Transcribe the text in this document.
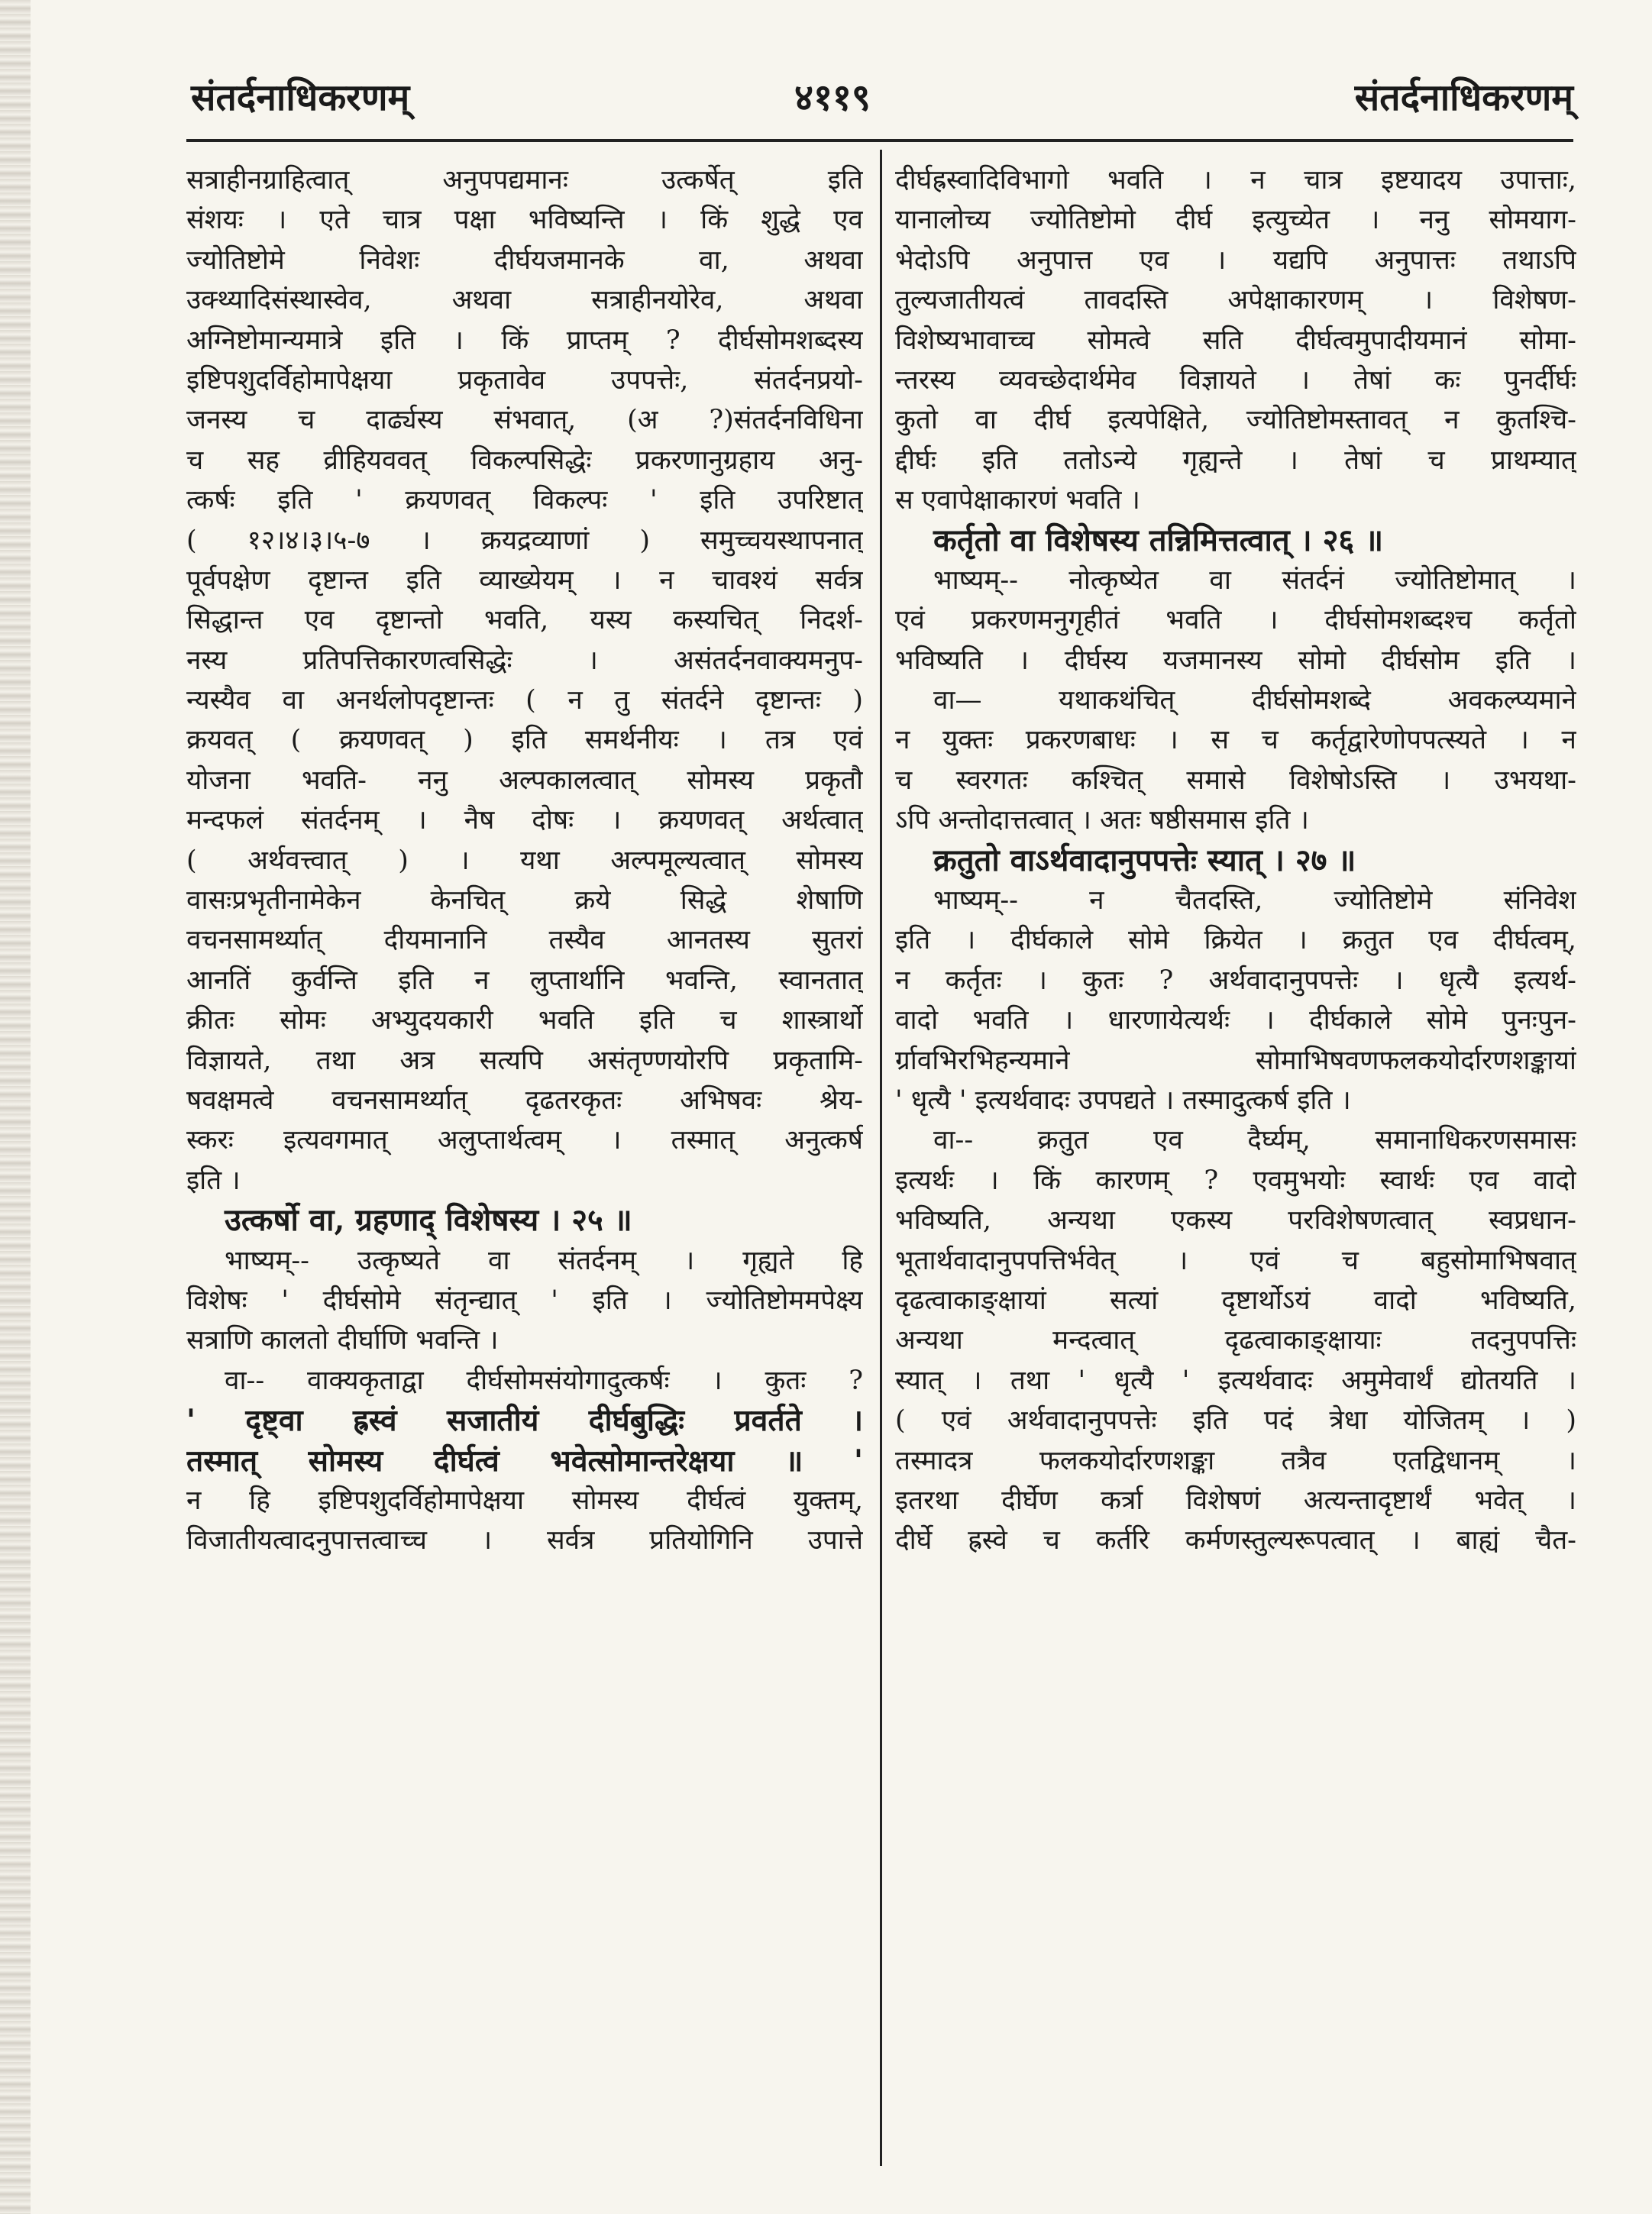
संतर्दनाधिकरणम्	४११९	संतर्दनाधिकरणम्
सत्राहीनग्राहित्वात् अनुपपद्यमानः उत्कर्षेत् इति
संशयः । एते चात्र पक्षा भविष्यन्ति । किं शुद्धे एव
ज्योतिष्टोमे निवेशः दीर्घयजमानके वा, अथवा
उक्थ्यादिसंस्थास्वेव, अथवा सत्राहीनयोरेव, अथवा
अग्निष्टोमान्यमात्रे इति । किं प्राप्तम् ? दीर्घसोमशब्दस्य
इष्टिपशुदर्विहोमापेक्षया प्रकृतावेव उपपत्तेः, संतर्दनप्रयो-
जनस्य च दार्ढ्यस्य संभवात्, (अ ?)संतर्दनविधिना
च सह व्रीहियववत् विकल्पसिद्धेः प्रकरणानुग्रहाय अनु-
त्कर्षः इति ' क्रयणवत् विकल्पः ' इति उपरिष्टात्
( १२।४।३।५-७ । क्रयद्रव्याणां ) समुच्चयस्थापनात्
पूर्वपक्षेण दृष्टान्त इति व्याख्येयम् । न चावश्यं सर्वत्र
सिद्धान्त एव दृष्टान्तो भवति, यस्य कस्यचित् निदर्श-
नस्य प्रतिपत्तिकारणत्वसिद्धेः । असंतर्दनवाक्यमनुप-
न्यस्यैव वा अनर्थलोपदृष्टान्तः ( न तु संतर्दने दृष्टान्तः )
क्रयवत् ( क्रयणवत् ) इति समर्थनीयः । तत्र एवं
योजना भवति- ननु अल्पकालत्वात् सोमस्य प्रकृतौ
मन्दफलं संतर्दनम् । नैष दोषः । क्रयणवत् अर्थत्वात्
( अर्थवत्त्वात् ) । यथा अल्पमूल्यत्वात् सोमस्य
वासःप्रभृतीनामेकेन केनचित् क्रये सिद्धे शेषाणि
वचनसामर्थ्यात् दीयमानानि तस्यैव आनतस्य सुतरां
आनतिं कुर्वन्ति इति न लुप्तार्थानि भवन्ति, स्वानतात्
क्रीतः सोमः अभ्युदयकारी भवति इति च शास्त्रार्थो
विज्ञायते, तथा अत्र सत्यपि असंतृण्णयोरपि प्रकृतामि-
षवक्षमत्वे वचनसामर्थ्यात् दृढतरकृतः अभिषवः श्रेय-
स्करः इत्यवगमात् अलुप्तार्थत्वम् । तस्मात् अनुत्कर्ष
इति ।
उत्कर्षो वा, ग्रहणाद् विशेषस्य । २५ ॥
भाष्यम्-- उत्कृष्यते वा संतर्दनम् । गृह्यते हि
विशेषः ' दीर्घसोमे संतृन्द्यात् ' इति । ज्योतिष्टोममपेक्ष्य
सत्राणि कालतो दीर्घाणि भवन्ति ।
वा-- वाक्यकृताद्वा दीर्घसोमसंयोगादुत्कर्षः । कुतः ?
' दृष्ट्वा ह्रस्वं सजातीयं दीर्घबुद्धिः प्रवर्तते ।
तस्मात् सोमस्य दीर्घत्वं भवेत्सोमान्तरेक्षया ॥ '
न हि इष्टिपशुदर्विहोमापेक्षया सोमस्य दीर्घत्वं युक्तम्,
विजातीयत्वादनुपात्तत्वाच्च । सर्वत्र प्रतियोगिनि उपात्ते
दीर्घह्रस्वादिविभागो भवति । न चात्र इष्टयादय उपात्ताः,
यानालोच्य ज्योतिष्टोमो दीर्घ इत्युच्येत । ननु सोमयाग-
भेदोऽपि अनुपात्त एव । यद्यपि अनुपात्तः तथाऽपि
तुल्यजातीयत्वं तावदस्ति अपेक्षाकारणम् । विशेषण-
विशेष्यभावाच्च सोमत्वे सति दीर्घत्वमुपादीयमानं सोमा-
न्तरस्य व्यवच्छेदार्थमेव विज्ञायते । तेषां कः पुनर्दीर्घः
कुतो वा दीर्घ इत्यपेक्षिते, ज्योतिष्टोमस्तावत् न कुतश्चि-
द्दीर्घः इति ततोऽन्ये गृह्यन्ते । तेषां च प्राथम्यात्
स एवापेक्षाकारणं भवति ।
कर्तृतो वा विशेषस्य तन्निमित्तत्वात् । २६ ॥
भाष्यम्-- नोत्कृष्येत वा संतर्दनं ज्योतिष्टोमात् ।
एवं प्रकरणमनुगृहीतं भवति । दीर्घसोमशब्दश्च कर्तृतो
भविष्यति । दीर्घस्य यजमानस्य सोमो दीर्घसोम इति ।
वा— यथाकथंचित् दीर्घसोमशब्दे अवकल्प्यमाने
न युक्तः प्रकरणबाधः । स च कर्तृद्वारेणोपपत्स्यते । न
च स्वरगतः कश्चित् समासे विशेषोऽस्ति । उभयथा-
ऽपि अन्तोदात्तत्वात् । अतः षष्ठीसमास इति ।
क्रतुतो वाऽर्थवादानुपपत्तेः स्यात् । २७ ॥
भाष्यम्-- न चैतदस्ति, ज्योतिष्टोमे संनिवेश
इति । दीर्घकाले सोमे क्रियेत । क्रतुत एव दीर्घत्वम्,
न कर्तृतः । कुतः ? अर्थवादानुपपत्तेः । धृत्यै इत्यर्थ-
वादो भवति । धारणायेत्यर्थः । दीर्घकाले सोमे पुनःपुन-
र्ग्रावभिरभिहन्यमाने सोमाभिषवणफलकयोर्दारणशङ्कायां
' धृत्यै ' इत्यर्थवादः उपपद्यते । तस्मादुत्कर्ष इति ।
वा-- क्रतुत एव दैर्घ्यम्, समानाधिकरणसमासः
इत्यर्थः । किं कारणम् ? एवमुभयोः स्वार्थः एव वादो
भविष्यति, अन्यथा एकस्य परविशेषणत्वात् स्वप्रधान-
भूतार्थवादानुपपत्तिर्भवेत् । एवं च बहुसोमाभिषवात्
दृढत्वाकाङ्क्षायां सत्यां दृष्टार्थोऽयं वादो भविष्यति,
अन्यथा मन्दत्वात् दृढत्वाकाङ्क्षायाः तदनुपपत्तिः
स्यात् । तथा ' धृत्यै ' इत्यर्थवादः अमुमेवार्थं द्योतयति ।
( एवं अर्थवादानुपपत्तेः इति पदं त्रेधा योजितम् । )
तस्मादत्र फलकयोर्दारणशङ्का तत्रैव एतद्विधानम् ।
इतरथा दीर्घेण कर्त्रा विशेषणं अत्यन्तादृष्टार्थं भवेत् ।
दीर्घे ह्रस्वे च कर्तरि कर्मणस्तुल्यरूपत्वात् । बाह्यं चैत-
